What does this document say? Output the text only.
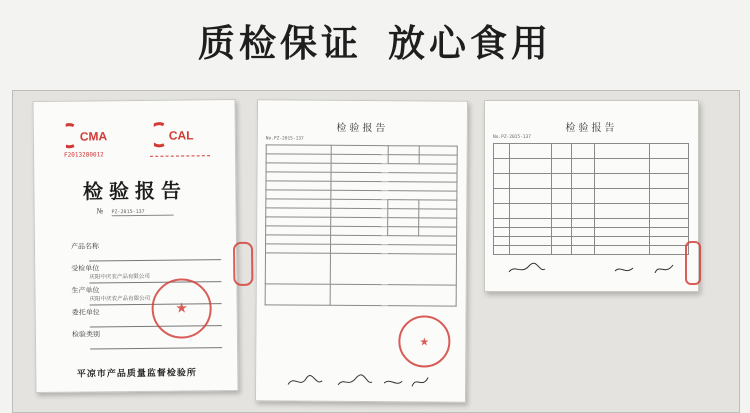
质检保证 放心食用
CMA	CAL
F2013280012
检验报告
№ PZ-2015-137
产品名称
受检单位
庆阳中庆农产品有限公司
生产单位
庆阳中庆农产品有限公司
委托单位
检验类别
★
平凉市产品质量监督检验所
检验报告
No.PZ-2015-137

★
检验报告
No.PZ-2015-137
